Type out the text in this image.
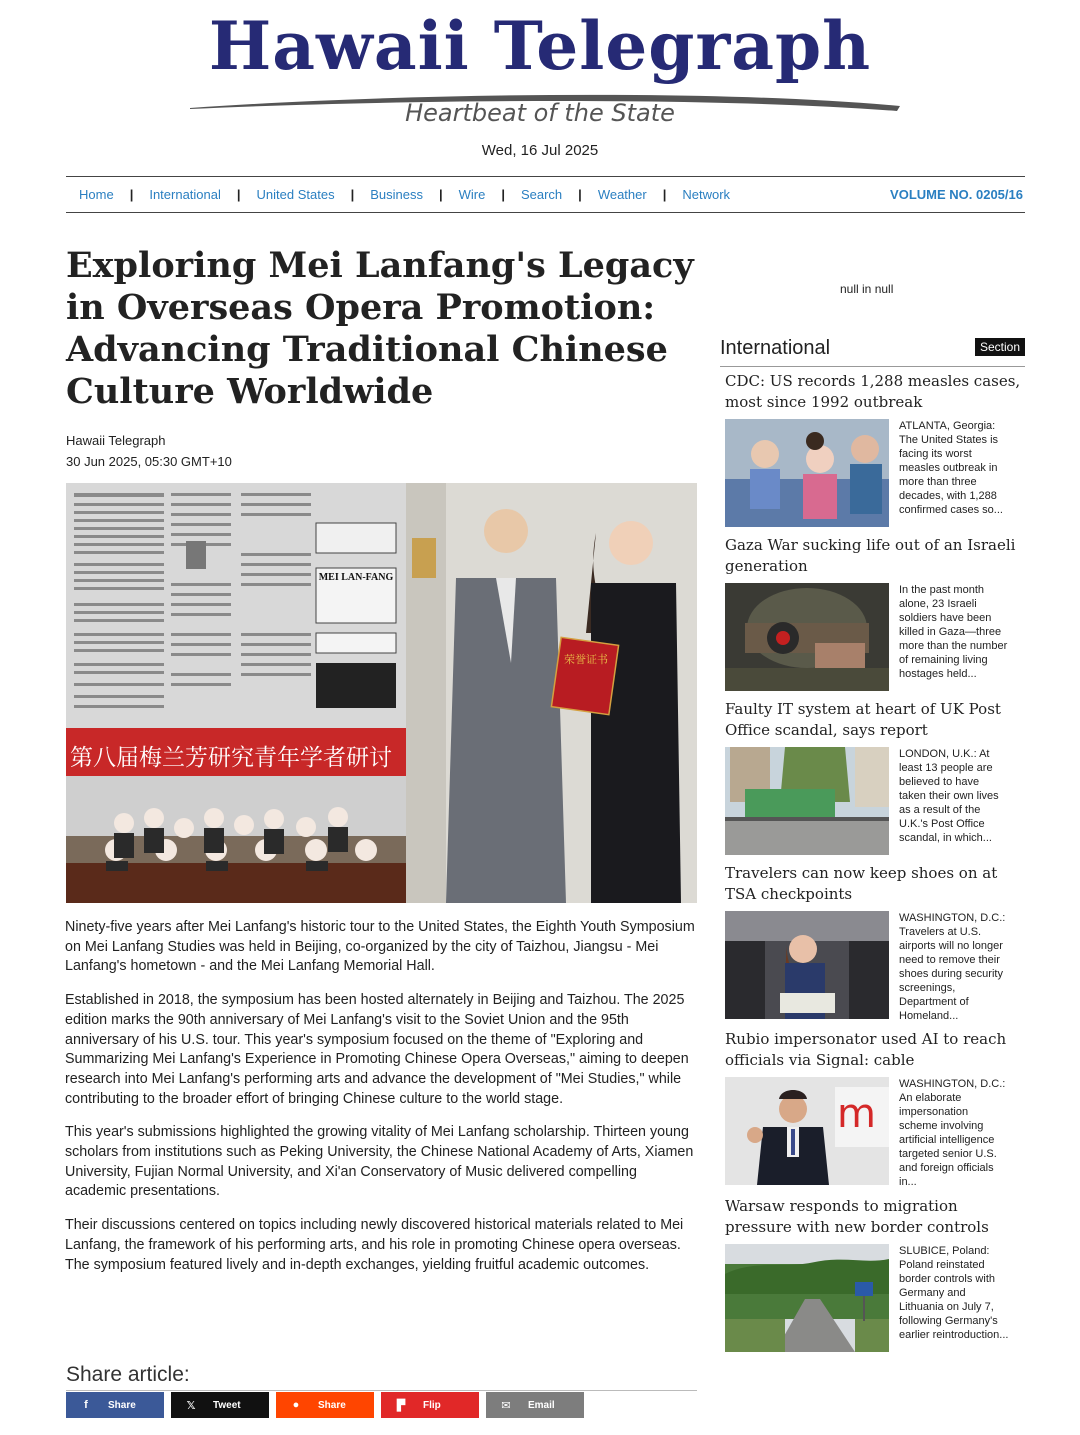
Hawaii Telegraph
Heartbeat of the State
Wed, 16 Jul 2025
Home | International | United States | Business | Wire | Search | Weather | Network	VOLUME NO. 0205/16
Exploring Mei Lanfang's Legacy in Overseas Opera Promotion: Advancing Traditional Chinese Culture Worldwide
Hawaii Telegraph
30 Jun 2025, 05:30 GMT+10
MEI LAN-FANG
第八届梅兰芳研究青年学者研讨
荣誉证书

Ninety-five years after Mei Lanfang's historic tour to the United States, the Eighth Youth Symposium on Mei Lanfang Studies was held in Beijing, co-organized by the city of Taizhou, Jiangsu - Mei Lanfang's hometown - and the Mei Lanfang Memorial Hall.

Established in 2018, the symposium has been hosted alternately in Beijing and Taizhou. The 2025 edition marks the 90th anniversary of Mei Lanfang's visit to the Soviet Union and the 95th anniversary of his U.S. tour. This year's symposium focused on the theme of "Exploring and Summarizing Mei Lanfang's Experience in Promoting Chinese Opera Overseas," aiming to deepen research into Mei Lanfang's performing arts and advance the development of "Mei Studies," while contributing to the broader effort of bringing Chinese culture to the world stage.

This year's submissions highlighted the growing vitality of Mei Lanfang scholarship. Thirteen young scholars from institutions such as Peking University, the Chinese National Academy of Arts, Xiamen University, Fujian Normal University, and Xi'an Conservatory of Music delivered compelling academic presentations.

Their discussions centered on topics including newly discovered historical materials related to Mei Lanfang, the framework of his performing arts, and his role in promoting Chinese opera overseas. The symposium featured lively and in-depth exchanges, yielding fruitful academic outcomes.

Share article:
f	Share	𝕏	Tweet	●	Share	▛	Flip	✉	Email
null in null
International	Section
CDC: US records 1,288 measles cases, most since 1992 outbreak
ATLANTA, Georgia: The United States is facing its worst measles outbreak in more than three decades, with 1,288 confirmed cases so...
Gaza War sucking life out of an Israeli generation
In the past month alone, 23 Israeli soldiers have been killed in Gaza—three more than the number of remaining living hostages held...
Faulty IT system at heart of UK Post Office scandal, says report
LONDON, U.K.: At least 13 people are believed to have taken their own lives as a result of the U.K.'s Post Office scandal, in which...
Travelers can now keep shoes on at TSA checkpoints
WASHINGTON, D.C.: Travelers at U.S. airports will no longer need to remove their shoes during security screenings, Department of Homeland...
Rubio impersonator used AI to reach officials via Signal: cable
m
WASHINGTON, D.C.: An elaborate impersonation scheme involving artificial intelligence targeted senior U.S. and foreign officials in...
Warsaw responds to migration pressure with new border controls
SLUBICE, Poland: Poland reinstated border controls with Germany and Lithuania on July 7, following Germany's earlier reintroduction...
